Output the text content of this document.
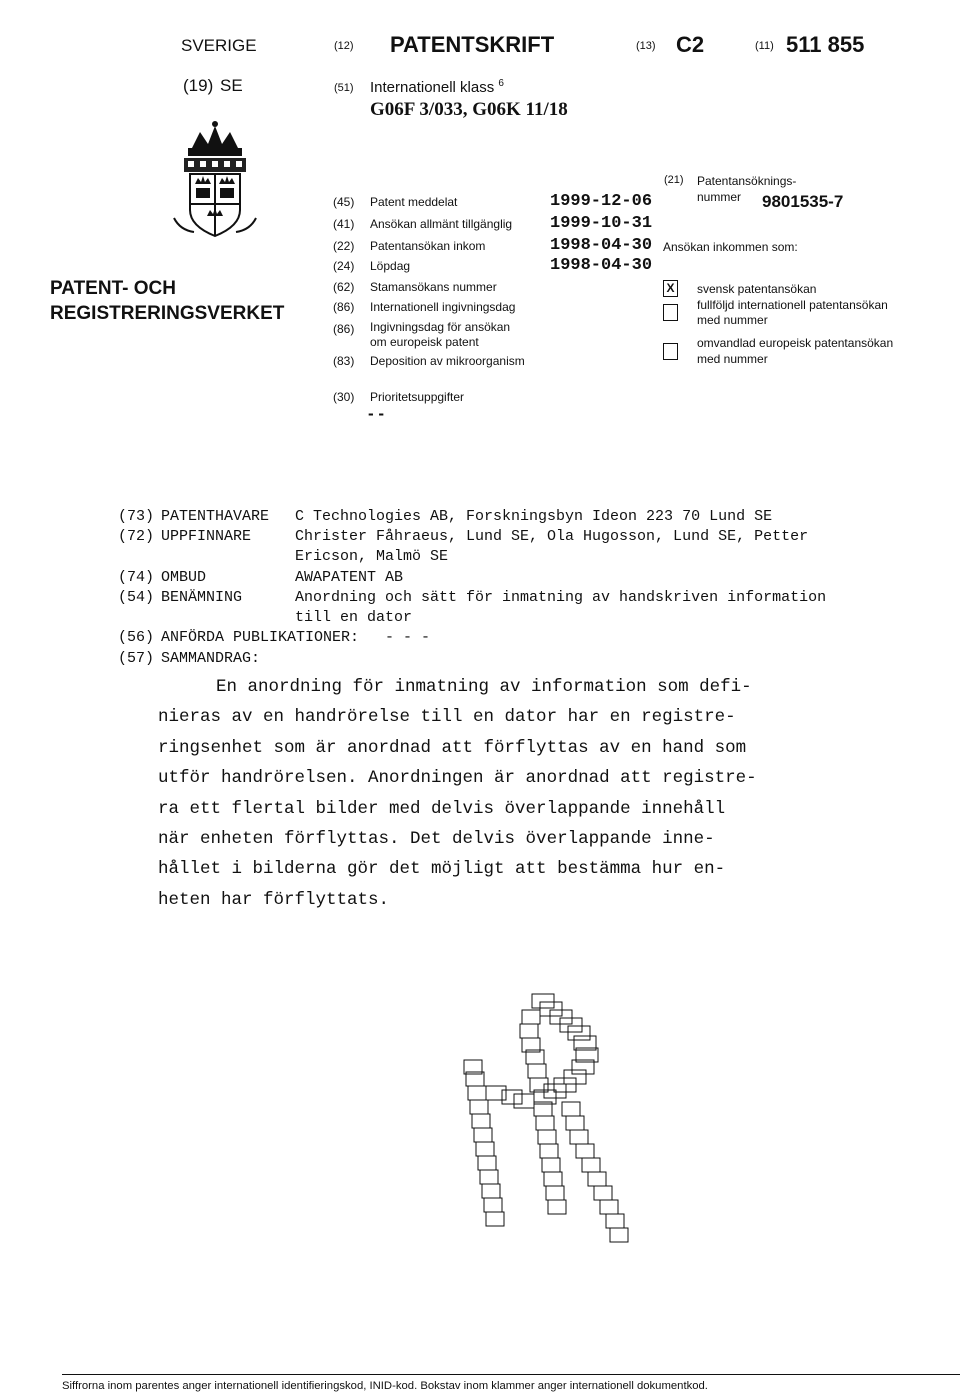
SVERIGE	(12) PATENTSKRIFT	(13) C2	(11) 511 855
(19) SE	(51) Internationell klass $^6$
G06F 3/033, G06K 11/18
PATENT- OCH
REGISTRERINGSVERKET
(45) Patent meddelat	1999-12-06
(41) Ansökan allmänt tillgänglig 1999-10-31
(22) Patentansökan inkom	1998-04-30
(24) Löpdag	1998-04-30
(62) Stamansökans nummer
(86) Internationell ingivningsdag
(86) Ingivningsdag för ansökan
om europeisk patent
(83) Deposition av mikroorganism
(21) Patentansöknings-
nummer 9801535-7
Ansökan inkommen som:
X svensk patentansökan
fullföljd internationell patentansökan
med nummer
omvandlad europeisk patentansökan
med nummer
(30) Prioritetsuppgifter
- -
(73) PATENTHAVARE C Technologies AB, Forskningsbyn Ideon 223 70 Lund SE
(72) UPPFINNARE	Christer Fåhraeus, Lund SE, Ola Hugosson, Lund SE, Petter
Ericson, Malmö SE
(74) OMBUD	AWAPATENT AB
(54) BENÄMNING	Anordning och sätt för inmatning av handskriven information
till en dator
(56) ANFÖRDA PUBLIKATIONER: - - -
(57) SAMMANDRAG:
En anordning för inmatning av information som defi-
nieras av en handrörelse till en dator har en registre-
ringsenhet som är anordnad att förflyttas av en hand som
utför handrörelsen. Anordningen är anordnad att registre-
ra ett flertal bilder med delvis överlappande innehåll
när enheten förflyttas. Det delvis överlappande inne-
hållet i bilderna gör det möjligt att bestämma hur en-
heten har förflyttats.
Siffrorna inom parentes anger internationell identifieringskod, INID-kod. Bokstav inom klammer anger internationell dokumentkod.
